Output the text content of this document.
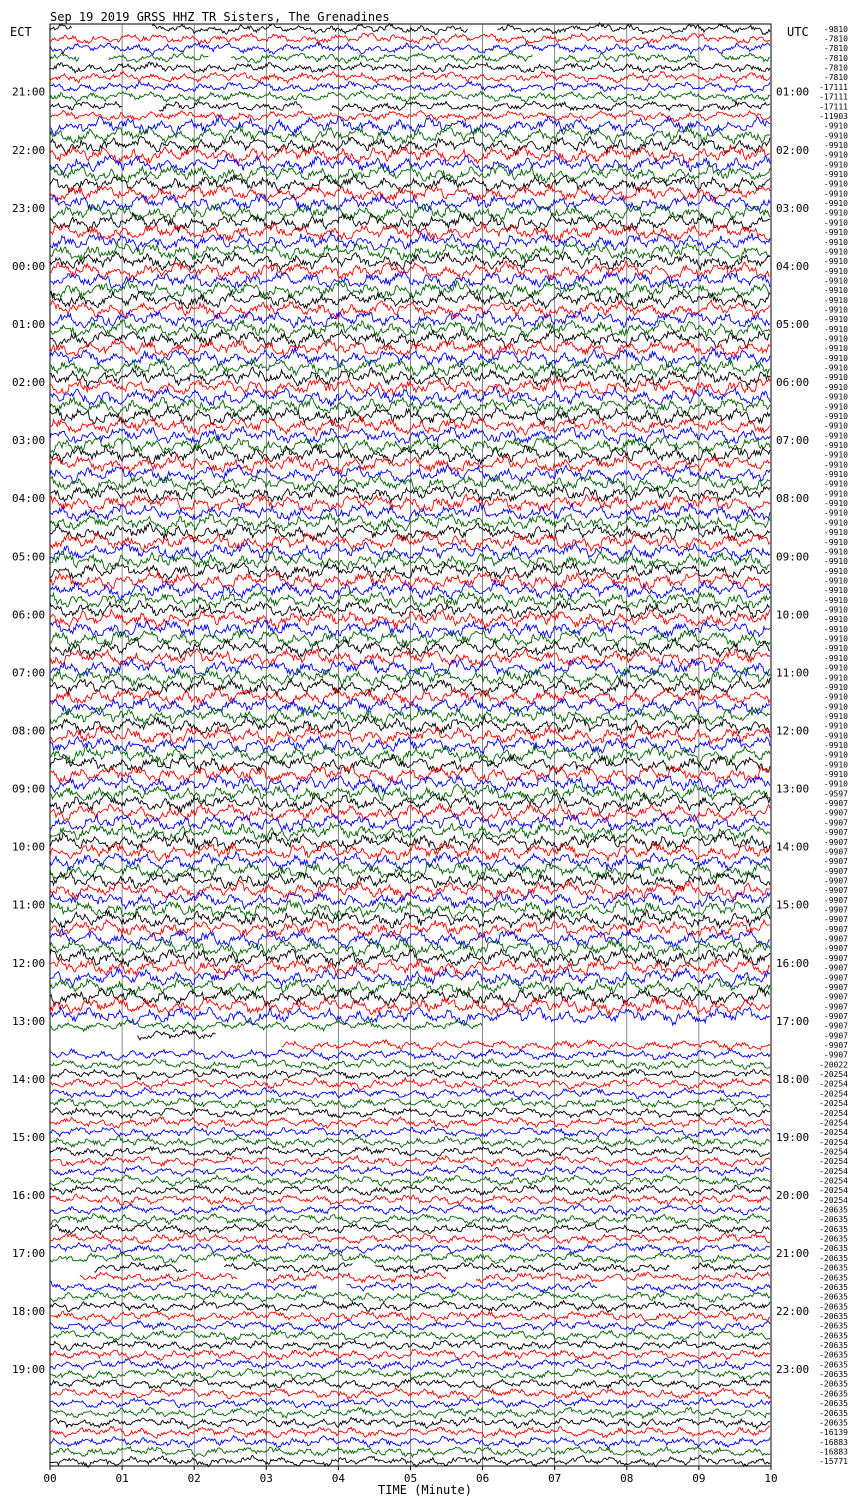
Sep 19 2019 GRSS HHZ TR Sisters, The Grenadines
ECT	UTC
21:00
22:00
23:00
00:00
01:00
02:00
03:00
04:00
05:00
06:00
07:00
08:00
09:00
10:00
11:00
12:00
13:00
14:00
15:00
16:00
17:00
18:00
19:00
01:00
02:00
03:00
04:00
05:00
06:00
07:00
08:00
09:00
10:00
11:00
12:00
13:00
14:00
15:00
16:00
17:00
18:00
19:00
20:00
21:00
22:00
23:00
-9810
-7810
-7810
-7810
-7810
-7810
-17111
-17111
-17111
-11903
-9910
-9910
-9910
-9910
-9910
-9910
-9910
-9910
-9910
-9910
-9910
-9910
-9910
-9910
-9910
-9910
-9910
-9910
-9910
-9910
-9910
-9910
-9910
-9910
-9910
-9910
-9910
-9910
-9910
-9910
-9910
-9910
-9910
-9910
-9910
-9910
-9910
-9910
-9910
-9910
-9910
-9910
-9910
-9910
-9910
-9910
-9910
-9910
-9910
-9910
-9910
-9910
-9910
-9910
-9910
-9910
-9910
-9910
-9910
-9910
-9910
-9910
-9910
-9910
-9910
-9910
-9910
-9910
-9910
-9597
-9907
-9907
-9907
-9907
-9907
-9907
-9907
-9907
-9907
-9907
-9907
-9907
-9907
-9907
-9907
-9907
-9907
-9907
-9907
-9907
-9907
-9907
-9907
-9907
-9907
-9907
-9907
-20022
-20254
-20254
-20254
-20254
-20254
-20254
-20254
-20254
-20254
-20254
-20254
-20254
-20254
-20254
-20635
-20635
-20635
-20635
-20635
-20635
-20635
-20635
-20635
-20635
-20635
-20635
-20635
-20635
-20635
-20635
-20635
-20635
-20635
-20635
-20635
-20635
-20635
-16139
-16883
-16883
-15771
00	01	02	03	04	05	06	07	08	09	10
TIME (Minute)
